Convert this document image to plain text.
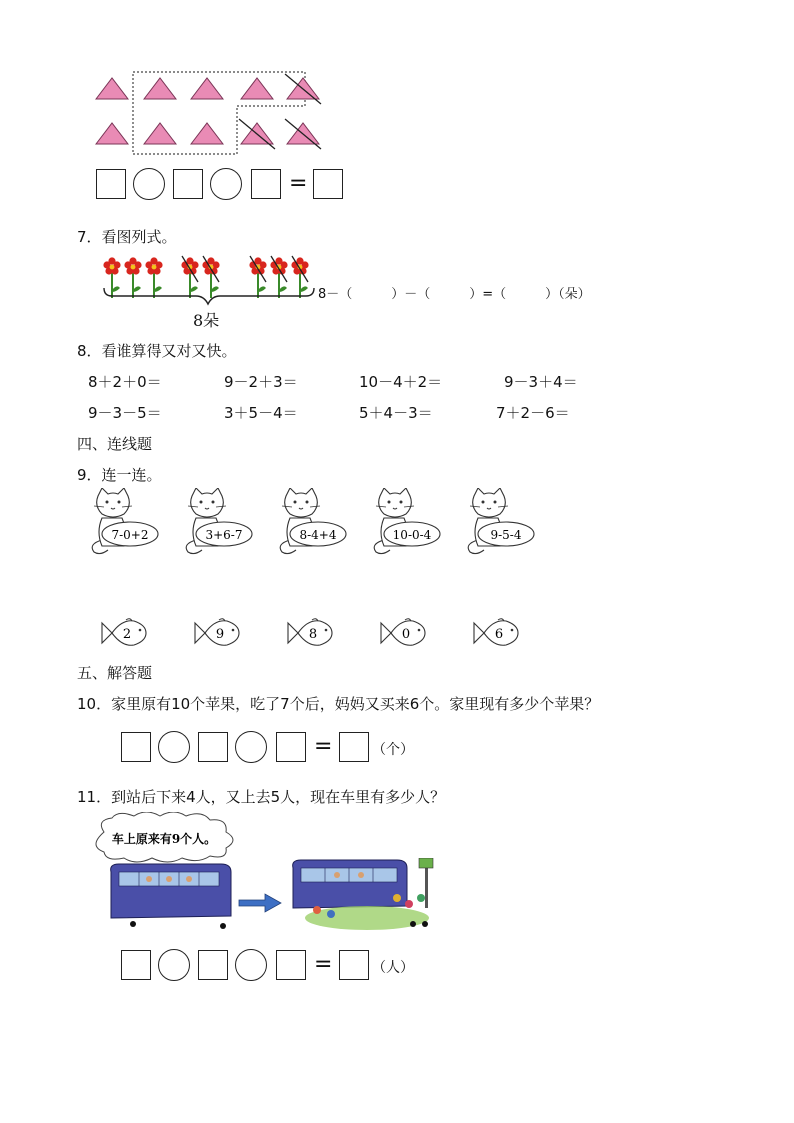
=
7．看图列式。
8朵
8－（　　　）－（　　　）=（　　　）（朵）
8．看谁算得又对又快。
8＋2＋0＝	9－2＋3＝	10－4＋2＝	9－3＋4＝
9－3－5＝	3＋5－4＝	5＋4－3＝	7＋2－6＝
四、连线题
9．连一连。
7-0+2	3+6-7	8-4+4	10-0-4	9-5-4
2	9	8	0	6
五、解答题
10．家里原有10个苹果，吃了7个后，妈妈又买来6个。家里现有多少个苹果？
=	（个）
11．到站后下来4人，又上去5人，现在车里有多少人？
车上原来有9个人。
=	（人）
